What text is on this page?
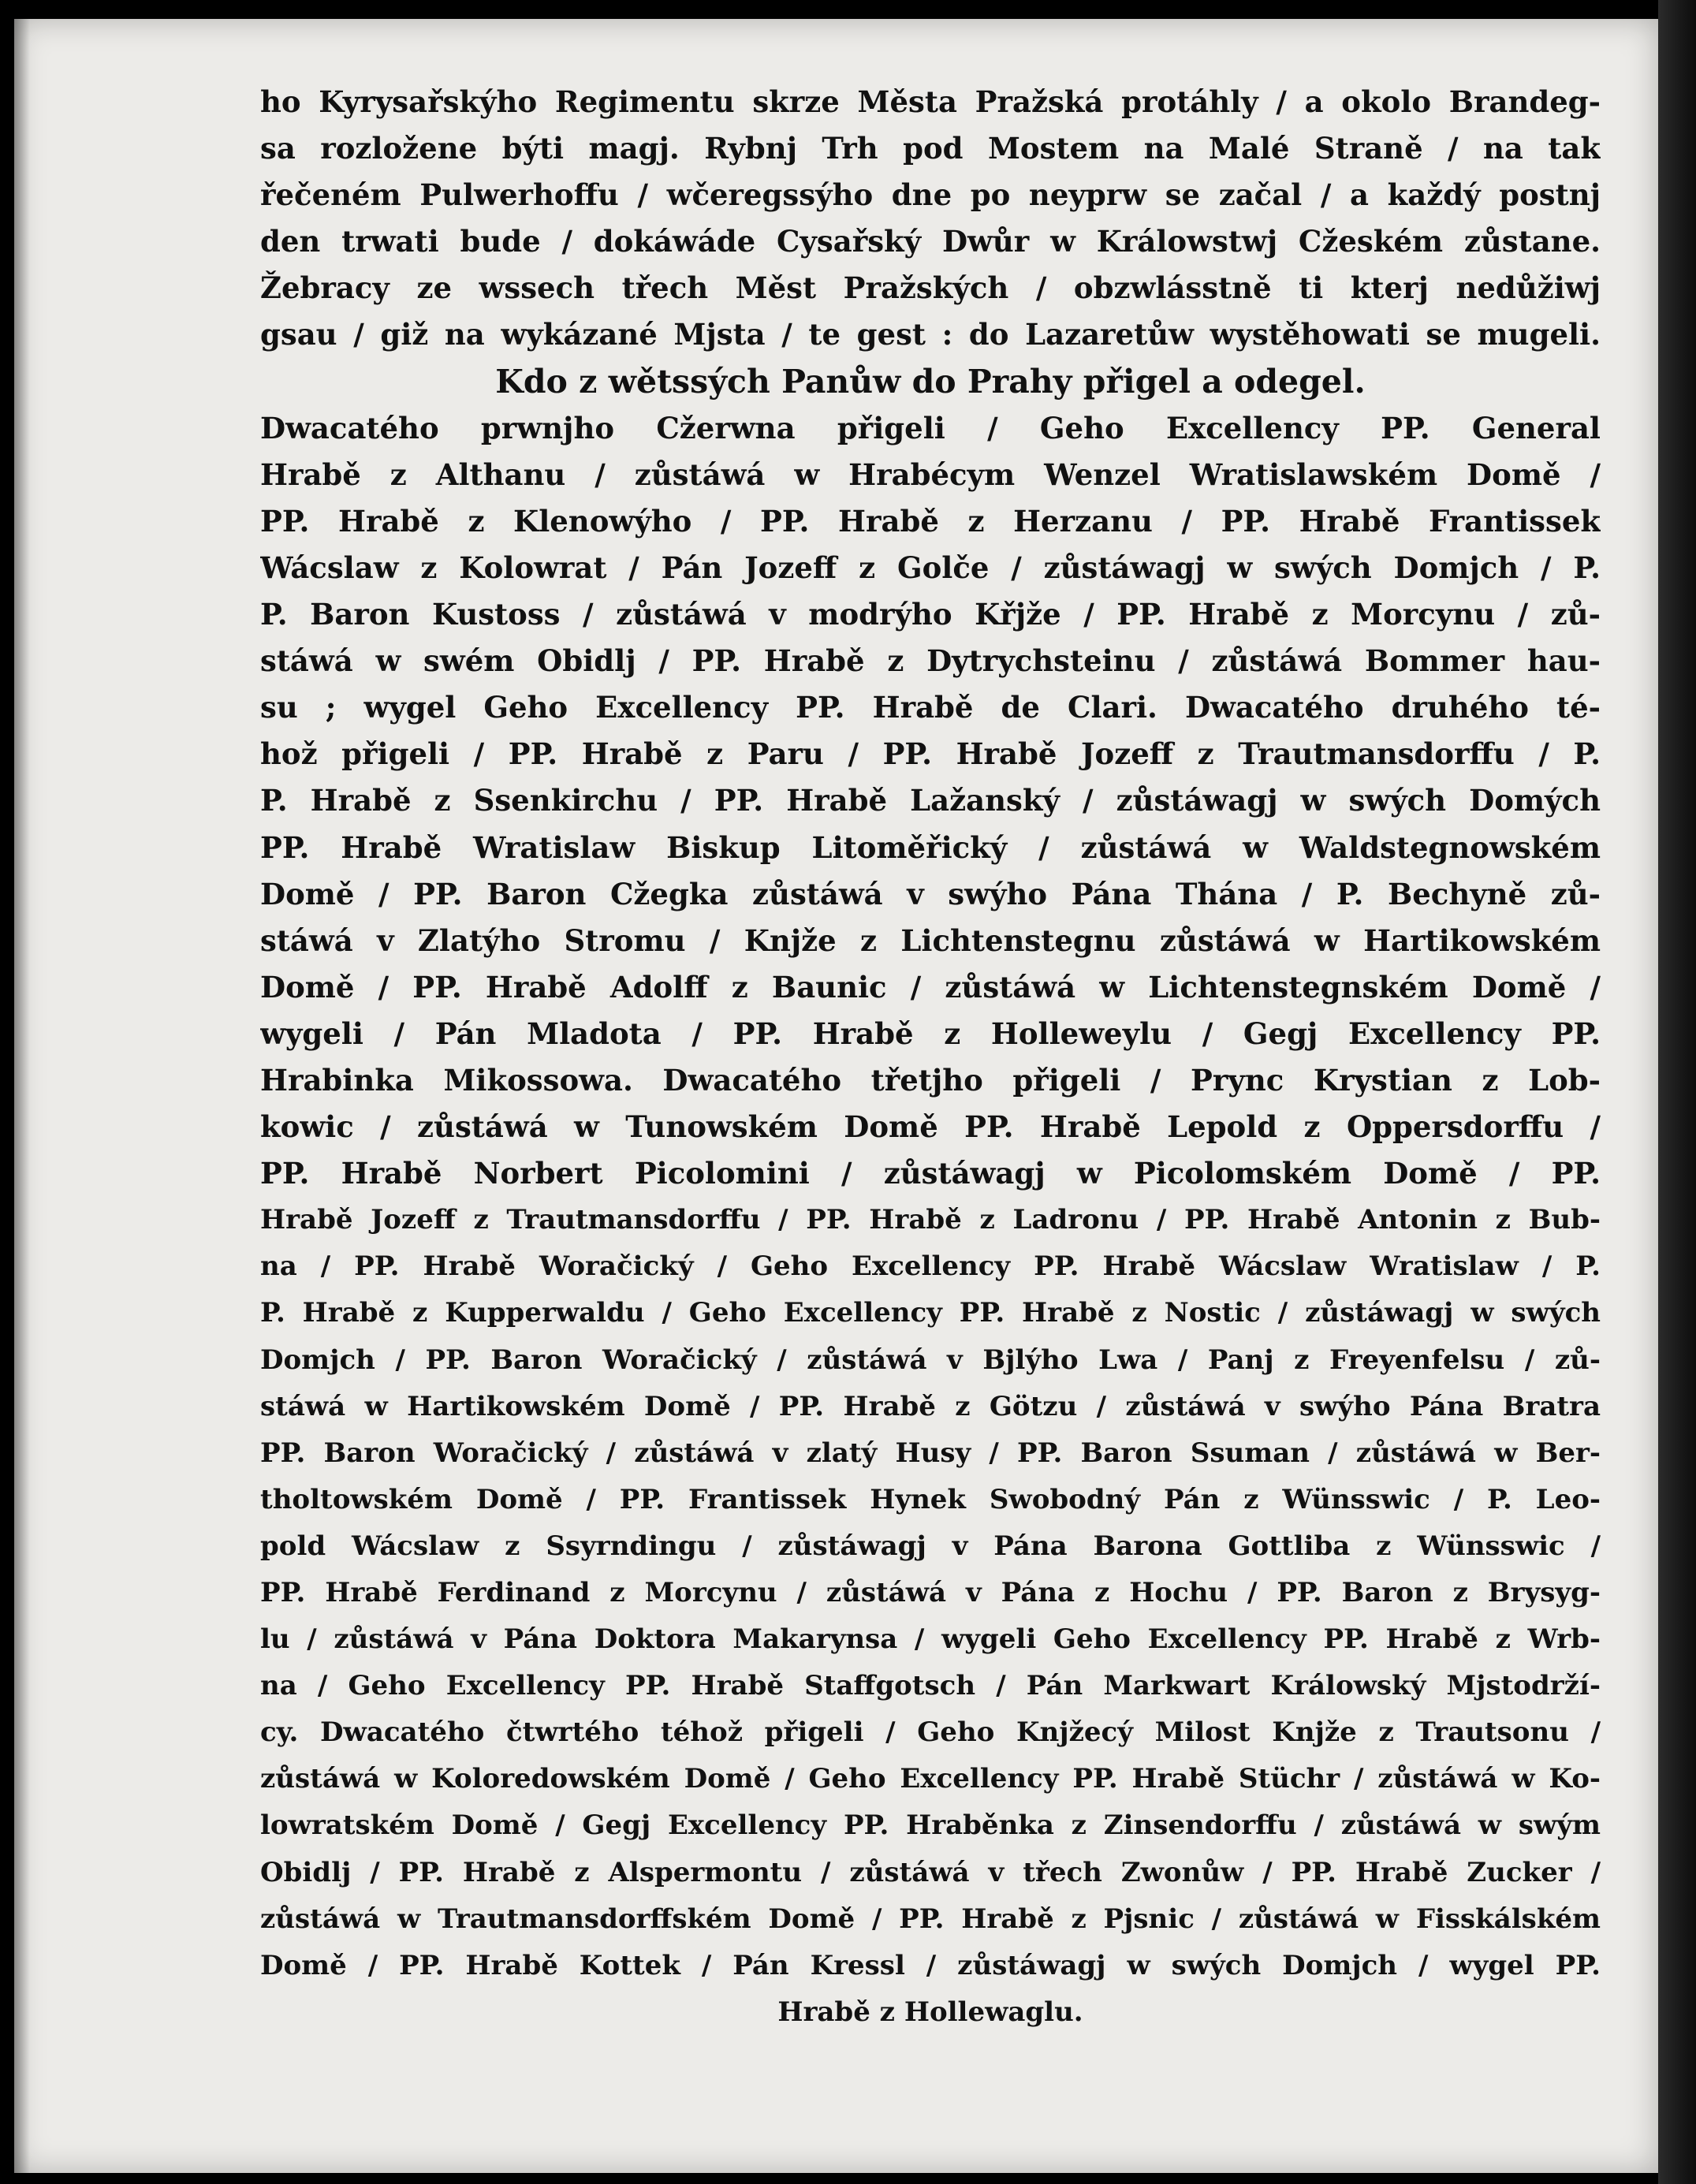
ho Kyrysařskýho Regimentu skrze Města Pražská protáhly / a okolo Brandeg-
sa rozložene býti magj. Rybnj Trh pod Mostem na Malé Straně / na tak
řečeném Pulwerhoffu / wčeregssýho dne po neyprw se začal / a každý postnj
den trwati bude / dokáwáde Cysařský Dwůr w Králowstwj Cžeském zůstane.
Žebracy ze wssech třech Měst Pražských / obzwlásstně ti kterj nedůžiwj
gsau / giž na wykázané Mjsta / te gest : do Lazaretůw wystěhowati se mugeli.
Kdo z wětssých Panůw do Prahy přigel a odegel.
Dwacatého prwnjho Cžerwna přigeli / Geho Excellency PP. General
Hrabě z Althanu / zůstáwá w Hrabécym Wenzel Wratislawském Domě /
PP. Hrabě z Klenowýho / PP. Hrabě z Herzanu / PP. Hrabě Frantissek
Wácslaw z Kolowrat / Pán Jozeff z Golče / zůstáwagj w swých Domjch / P.
P. Baron Kustoss / zůstáwá v modrýho Křjže / PP. Hrabě z Morcynu / zů-
stáwá w swém Obidlj / PP. Hrabě z Dytrychsteinu / zůstáwá Bommer hau-
su ; wygel Geho Excellency PP. Hrabě de Clari. Dwacatého druhého té-
hož přigeli / PP. Hrabě z Paru / PP. Hrabě Jozeff z Trautmansdorffu / P.
P. Hrabě z Ssenkirchu / PP. Hrabě Lažanský / zůstáwagj w swých Domých
PP. Hrabě Wratislaw Biskup Litoměřický / zůstáwá w Waldstegnowském
Domě / PP. Baron Cžegka zůstáwá v swýho Pána Thána / P. Bechyně zů-
stáwá v Zlatýho Stromu / Knjže z Lichtenstegnu zůstáwá w Hartikowském
Domě / PP. Hrabě Adolff z Baunic / zůstáwá w Lichtenstegnském Domě /
wygeli / Pán Mladota / PP. Hrabě z Holleweylu / Gegj Excellency PP.
Hrabinka Mikossowa. Dwacatého třetjho přigeli / Prync Krystian z Lob-
kowic / zůstáwá w Tunowském Domě PP. Hrabě Lepold z Oppersdorffu /
PP. Hrabě Norbert Picolomini / zůstáwagj w Picolomském Domě / PP.
Hrabě Jozeff z Trautmansdorffu / PP. Hrabě z Ladronu / PP. Hrabě Antonin z Bub-
na / PP. Hrabě Woračický / Geho Excellency PP. Hrabě Wácslaw Wratislaw / P.
P. Hrabě z Kupperwaldu / Geho Excellency PP. Hrabě z Nostic / zůstáwagj w swých
Domjch / PP. Baron Woračický / zůstáwá v Bjlýho Lwa / Panj z Freyenfelsu / zů-
stáwá w Hartikowském Domě / PP. Hrabě z Götzu / zůstáwá v swýho Pána Bratra
PP. Baron Woračický / zůstáwá v zlatý Husy / PP. Baron Ssuman / zůstáwá w Ber-
tholtowském Domě / PP. Frantissek Hynek Swobodný Pán z Wünsswic / P. Leo-
pold Wácslaw z Ssyrndingu / zůstáwagj v Pána Barona Gottliba z Wünsswic /
PP. Hrabě Ferdinand z Morcynu / zůstáwá v Pána z Hochu / PP. Baron z Brysyg-
lu / zůstáwá v Pána Doktora Makarynsa / wygeli Geho Excellency PP. Hrabě z Wrb-
na / Geho Excellency PP. Hrabě Staffgotsch / Pán Markwart Králowský Mjstodrží-
cy. Dwacatého čtwrtého téhož přigeli / Geho Knjžecý Milost Knjže z Trautsonu /
zůstáwá w Koloredowském Domě / Geho Excellency PP. Hrabě Stüchr / zůstáwá w Ko-
lowratském Domě / Gegj Excellency PP. Hraběnka z Zinsendorffu / zůstáwá w swým
Obidlj / PP. Hrabě z Alspermontu / zůstáwá v třech Zwonůw / PP. Hrabě Zucker /
zůstáwá w Trautmansdorffském Domě / PP. Hrabě z Pjsnic / zůstáwá w Fisskálském
Domě / PP. Hrabě Kottek / Pán Kressl / zůstáwagj w swých Domjch / wygel PP.
Hrabě z Hollewaglu.
